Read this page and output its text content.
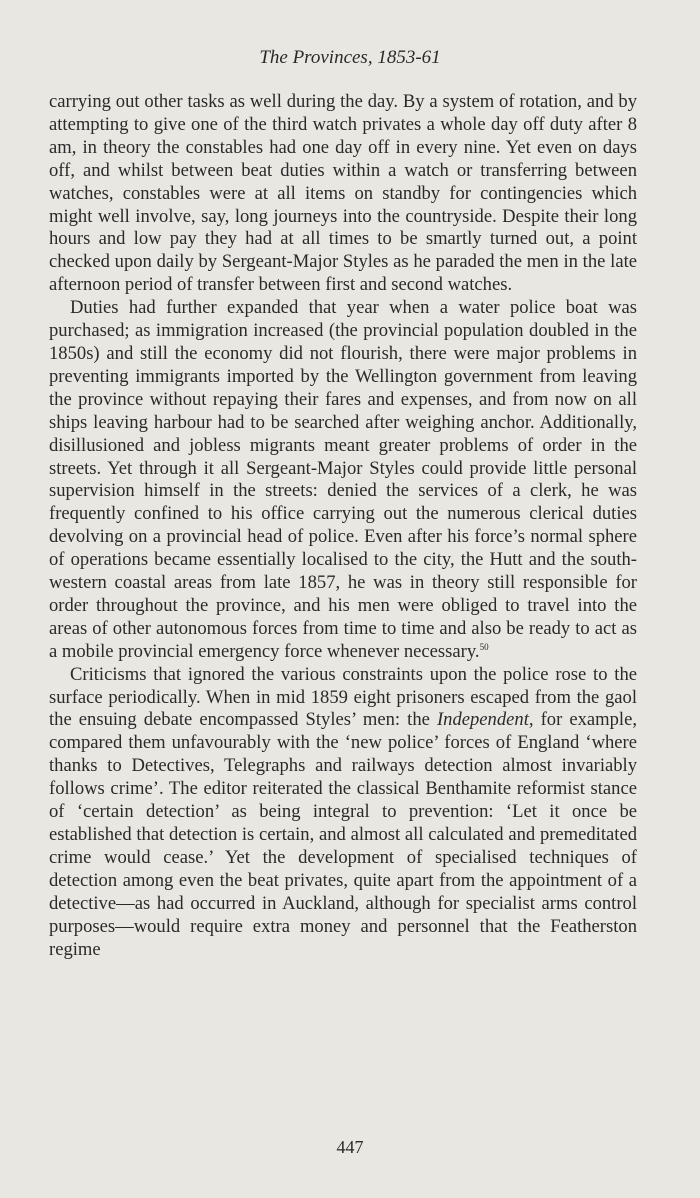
The Provinces, 1853-61

carrying out other tasks as well during the day. By a system of rotation, and by attempting to give one of the third watch privates a whole day off duty after 8 am, in theory the constables had one day off in every nine. Yet even on days off, and whilst between beat duties within a watch or transferring between watches, constables were at all items on standby for contingencies which might well involve, say, long journeys into the countryside. Despite their long hours and low pay they had at all times to be smartly turned out, a point checked upon daily by Sergeant-Major Styles as he paraded the men in the late afternoon period of transfer between first and second watches.

Duties had further expanded that year when a water police boat was purchased; as immigration increased (the provincial population doubled in the 1850s) and still the economy did not flourish, there were major problems in preventing immigrants imported by the Wellington government from leaving the province without repaying their fares and expenses, and from now on all ships leaving harbour had to be searched after weighing anchor. Additionally, disillusioned and jobless migrants meant greater problems of order in the streets. Yet through it all Sergeant-Major Styles could provide little personal supervision himself in the streets: denied the services of a clerk, he was frequently confined to his office carrying out the numerous clerical duties devolving on a provincial head of police. Even after his force’s normal sphere of operations became essentially localised to the city, the Hutt and the south-western coastal areas from late 1857, he was in theory still responsible for order throughout the province, and his men were obliged to travel into the areas of other autonomous forces from time to time and also be ready to act as a mobile provincial emergency force whenever necessary.$^{50}$

Criticisms that ignored the various constraints upon the police rose to the surface periodically. When in mid 1859 eight prisoners escaped from the gaol the ensuing debate encompassed Styles’ men: the Independent, for example, compared them unfavourably with the ‘new police’ forces of England ‘where thanks to Detectives, Telegraphs and railways detection almost invariably follows crime’. The editor reiterated the classical Benthamite reformist stance of ‘certain detection’ as being integral to prevention: ‘Let it once be established that detection is certain, and almost all calculated and premeditated crime would cease.’ Yet the development of specialised techniques of detection among even the beat privates, quite apart from the appointment of a detective—as had occurred in Auckland, although for specialist arms control purposes—would require extra money and personnel that the Featherston regime

447
